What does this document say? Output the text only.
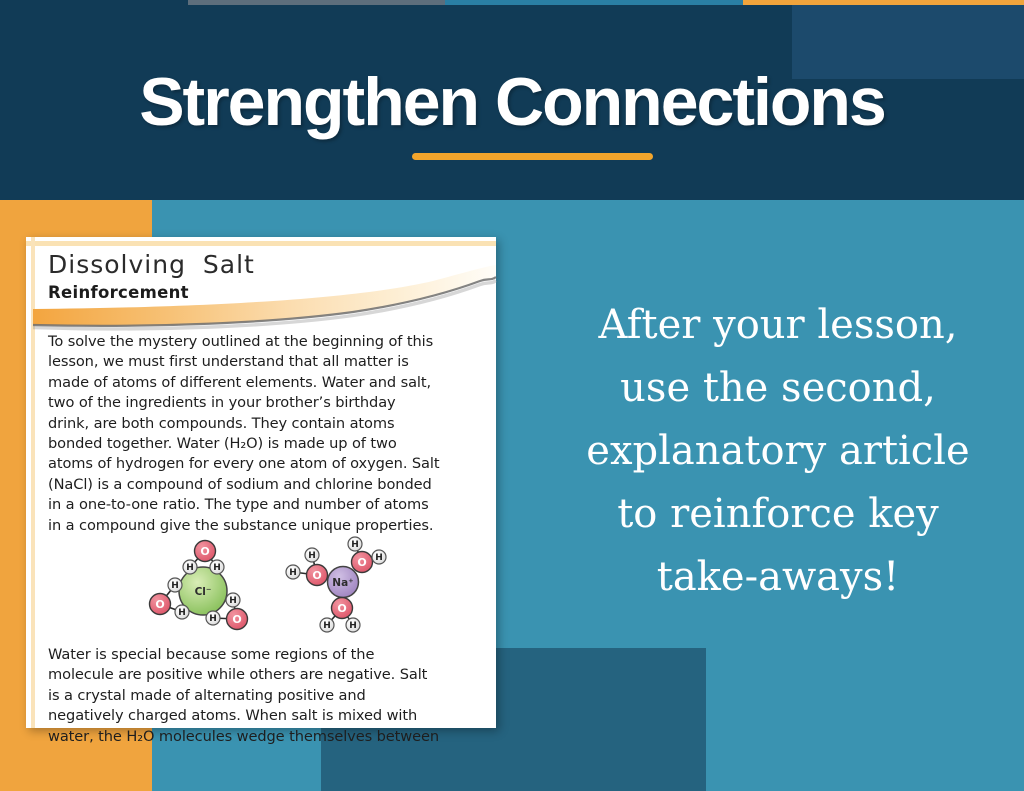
Strengthen Connections
After your lesson,
use the second,
explanatory article
to reinforce key
take-aways!
Dissolving Salt
Reinforcement
To solve the mystery outlined at the beginning of this
lesson, we must first understand that all matter is
made of atoms of different elements. Water and salt,
two of the ingredients in your brother’s birthday
drink, are both compounds. They contain atoms
bonded together. Water (H₂O) is made up of two
atoms of hydrogen for every one atom of oxygen. Salt
(NaCl) is a compound of sodium and chlorine bonded
in a one-to-one ratio. The type and number of atoms
in a compound give the substance unique properties.
Cl⁻
O
H H
O
H
H	O
H
H
Na⁺
O
H
H	O
H
H
O
H H
Water is special because some regions of the
molecule are positive while others are negative. Salt
is a crystal made of alternating positive and
negatively charged atoms. When salt is mixed with
water, the H₂O molecules wedge themselves between
